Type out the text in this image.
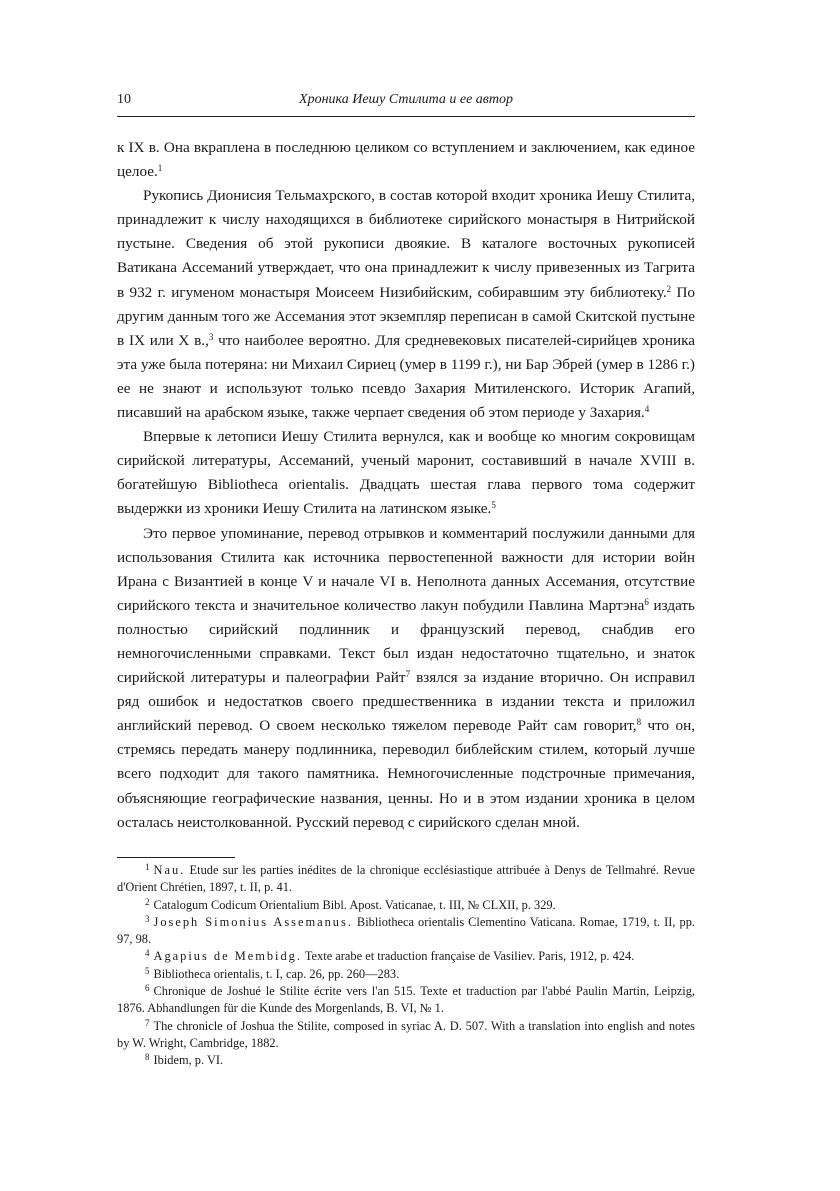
10	Хроника Иешу Стилита и ее автор

к IX в. Она вкраплена в последнюю целиком со вступлением и заключением, как единое целое.$^1$

Рукопись Дионисия Тельмахрского, в состав которой входит хроника Иешу Стилита, принадлежит к числу находящихся в библиотеке сирийского монастыря в Нитрийской пустыне. Сведения об этой рукописи двоякие. В каталоге восточных рукописей Ватикана Ассеманий утверждает, что она принадлежит к числу привезенных из Тагрита в 932 г. игуменом монастыря Моисеем Низибийским, собиравшим эту библиотеку.$^2$ По другим данным того же Ассемания этот экземпляр переписан в самой Скитской пустыне в IX или X в.,$^3$ что наиболее вероятно. Для средневековых писателей-сирийцев хроника эта уже была потеряна: ни Михаил Сириец (умер в 1199 г.), ни Бар Эбрей (умер в 1286 г.) ее не знают и используют только псевдо Захария Митиленского. Историк Агапий, писавший на арабском языке, также черпает сведения об этом периоде у Захария.$^4$

Впервые к летописи Иешу Стилита вернулся, как и вообще ко многим сокровищам сирийской литературы, Ассеманий, ученый маронит, составивший в начале XVIII в. богатейшую Bibliotheca orientalis. Двадцать шестая глава первого тома содержит выдержки из хроники Иешу Стилита на латинском языке.$^5$

Это первое упоминание, перевод отрывков и комментарий послужили данными для использования Стилита как источника первостепенной важности для истории войн Ирана с Византией в конце V и начале VI в. Неполнота данных Ассемания, отсутствие сирийского текста и значительное количество лакун побудили Павлина Мартэна$^6$ издать полностью сирийский подлинник и французский перевод, снабдив его немногочисленными справками. Текст был издан недостаточно тщательно, и знаток сирийской литературы и палеографии Райт$^7$ взялся за издание вторично. Он исправил ряд ошибок и недостатков своего предшественника в издании текста и приложил английский перевод. О своем несколько тяжелом переводе Райт сам говорит,$^8$ что он, стремясь передать манеру подлинника, переводил библейским стилем, который лучше всего подходит для такого памятника. Немногочисленные подстрочные примечания, объясняющие географические названия, ценны. Но и в этом издании хроника в целом осталась неистолкованной. Русский перевод с сирийского сделан мной.

$^1$ Nau. Etude sur les parties inédites de la chronique ecclésiastique attribuée à Denys de Tellmahré. Revue d'Orient Chrétien, 1897, t. II, p. 41.

$^2$ Catalogum Codicum Orientalium Bibl. Apost. Vaticanae, t. III, № CLXII, p. 329.

$^3$ Joseph Simonius Assemanus. Bibliotheca orientalis Clementino Vaticana. Romae, 1719, t. II, pp. 97, 98.

$^4$ Agapius de Membidg. Texte arabe et traduction française de Vasiliev. Paris, 1912, p. 424.

$^5$ Bibliotheca orientalis, t. I, cap. 26, pp. 260—283.

$^6$ Chronique de Joshué le Stilite écrite vers l'an 515. Texte et traduction par l'abbé Paulin Martin, Leipzig, 1876. Abhandlungen für die Kunde des Morgenlands, B. VI, № 1.

$^7$ The chronicle of Joshua the Stilite, composed in syriac A. D. 507. With a translation into english and notes by W. Wright, Cambridge, 1882.

$^8$ Ibidem, p. VI.
